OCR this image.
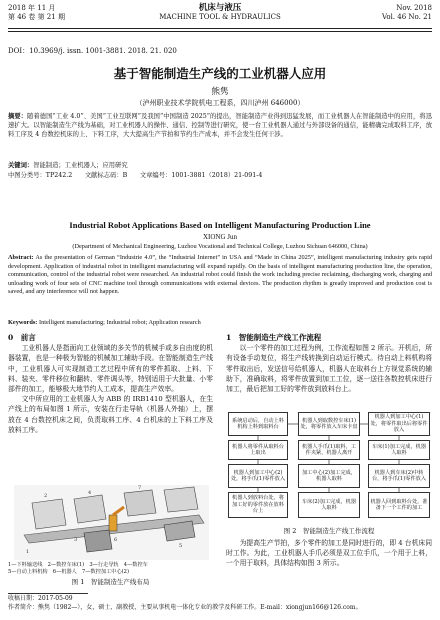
2018 年 11 月
第 46 卷 第 21 期
机床与液压
MACHINE TOOL & HYDRAULICS
Nov. 2018
Vol. 46 No. 21
DOI：10.3969/j. issn. 1001-3881. 2018. 21. 020
基于智能制造生产线的工业机器人应用
熊隽
（泸州职业技术学院机电工程系，四川泸州 646000）
摘要：随着德国“工业 4.0”、美国“工业互联网”及我国“中国制造 2025”的提出，智能制造产业得到迅猛发展，而工业机器人在智能制造中的应用，将迅速扩大。以智能制造生产线为基础，对工业机器人的操作、通信、控制等进行研究，使一台工业机器人通过与外部设备的通信，能精确完成取料工序，放料工序及 4 台数控机床的上、下料工序，大大提高生产节拍和节约生产成本，并不会发生任何干涉。
关键词：智能制造；工业机器人；应用研究
中图分类号：TP242.2　　文献标志码：B　　文章编号：1001-3881（2018）21-091-4
Industrial Robot Applications Based on Intelligent Manufacturing Production Line
XIONG Jun
(Department of Mechanical Engineering, Luzhou Vocational and Technical College, Luzhou Sichuan 646000, China)
Abstract: As the presentation of German “Industrie 4.0”, the “Industrial Internet” in USA and “Made in China 2025”, intelligent manufacturing industry gets rapid development. Application of industrial robot in intelligent manufacturing will expand rapidly. On the basis of intelligent manufacturing production line, the operation, communication, control of the industrial robot were researched. An industrial robot could finish the work including precise reclaiming, discharging work, charging and unloading work of four sets of CNC machine tool through communications with external devices. The production rhythm is greatly improved and production cost is saved, and any interference will not happen.
Keywords: Intelligent manufacturing; Industrial robot; Application research
0　前言
工业机器人是指面向工业领域的多关节的机械手或多自由度的机器装置，也是一种极为智能的机械加工辅助手段。在智能制造生产线中，工业机器人可实现制造工艺过程中所有的零件抓取、上料、下料、装夹、零件移位和翻转、零件调头等，特别适用于大批量、小零部件的加工，能够极大地节约人工成本，提高生产效率。
文中所应用的工业机器人为 ABB 的 IRB1410 型机器人，在生产线上的布局如图 1 所示，安装在行走导轨（机器人外轴）上，摆放在 4 台数控机床之间，负责取料工序、4 台机床的上下料工序及放料工序。
2	4
7
6
3
1
5
1—下料输送线　2—数控车床(1)　3—行走导轨　4—数控车
5—自动上料机构　6—机器人　7—数控加工中心(2)
图 1　智能制造生产线布局
1　智能制造生产线工作流程
以一个零件的加工过程为例，工作流程如图 2 所示。开机后，所有设备手动复位，将生产线转换到自动运行模式。待自动上料机构将零件取出后，发送信号给机器人，机器人在取料台上方视觉系统的辅助下，准确取料，将零件放置到加工工位，逐一送往各数控机床进行加工，最后把加工好的零件放到放料台上。
系统启动后，自动上料机构上料到取料台
机器人到取数控车床(1)处，将零件放入车床卡盘
机器人到加工中心(1)处，将零件取出后将零件放入
机器人将零件从取料台上取出
机器人手爪(1)取料，工件夹紧，机器人离开
车床(1)加工完成，机器人取料
机器人到加工中心(2)处，将手爪(1)零件放入
加工中心(2)加工完成，机器人取料
机器人到车床(2)中转台，将手爪(1)零件放入
机器人到放料台处，将加工好的零件放在放料台上
车床(2)加工完成，机器人取料
机器人回到取料台处，准备下一个工件的加工
图 2　智能制造生产线工作流程
为提高生产节拍，多个零件的加工是同时进行的，即 4 台机床同时工作。为此，工业机器人手爪必须是双工位手爪，一个用于上料，一个用于取料，具体结构如图 3 所示。
收稿日期：2017-05-09
作者简介：熊隽（1982—），女，硕士，副教授，主要从事机电一体化专业的教学及科研工作。E-mail：xiongjun166@126.com。
